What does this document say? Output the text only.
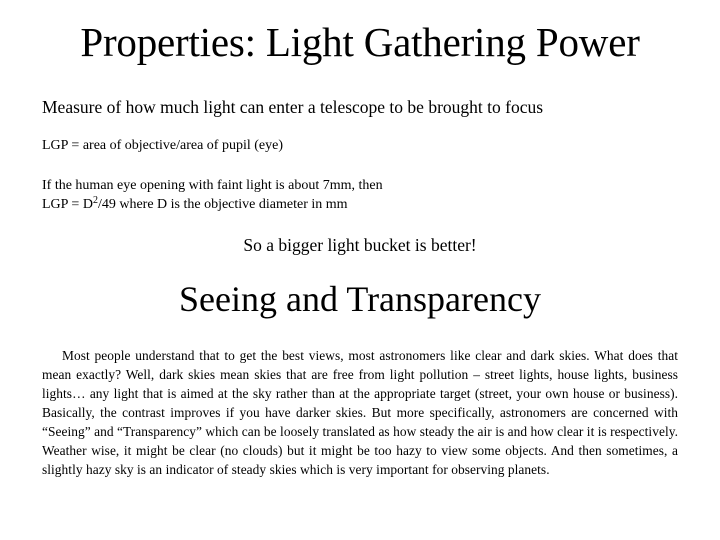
Properties: Light Gathering Power
Measure of how much light can enter a telescope to be brought to focus
LGP = area of objective/area of pupil (eye)
If the human eye opening with faint light is about 7mm, then
LGP = $D^2/49$ where D is the objective diameter in mm
So a bigger light bucket is better!
Seeing and Transparency
Most people understand that to get the best views, most astronomers like clear and dark skies. What does that mean exactly? Well, dark skies mean skies that are free from light pollution – street lights, house lights, business lights… any light that is aimed at the sky rather than at the appropriate target (street, your own house or business). Basically, the contrast improves if you have darker skies. But more specifically, astronomers are concerned with “Seeing” and “Transparency” which can be loosely translated as how steady the air is and how clear it is respectively. Weather wise, it might be clear (no clouds) but it might be too hazy to view some objects. And then sometimes, a slightly hazy sky is an indicator of steady skies which is very important for observing planets.
